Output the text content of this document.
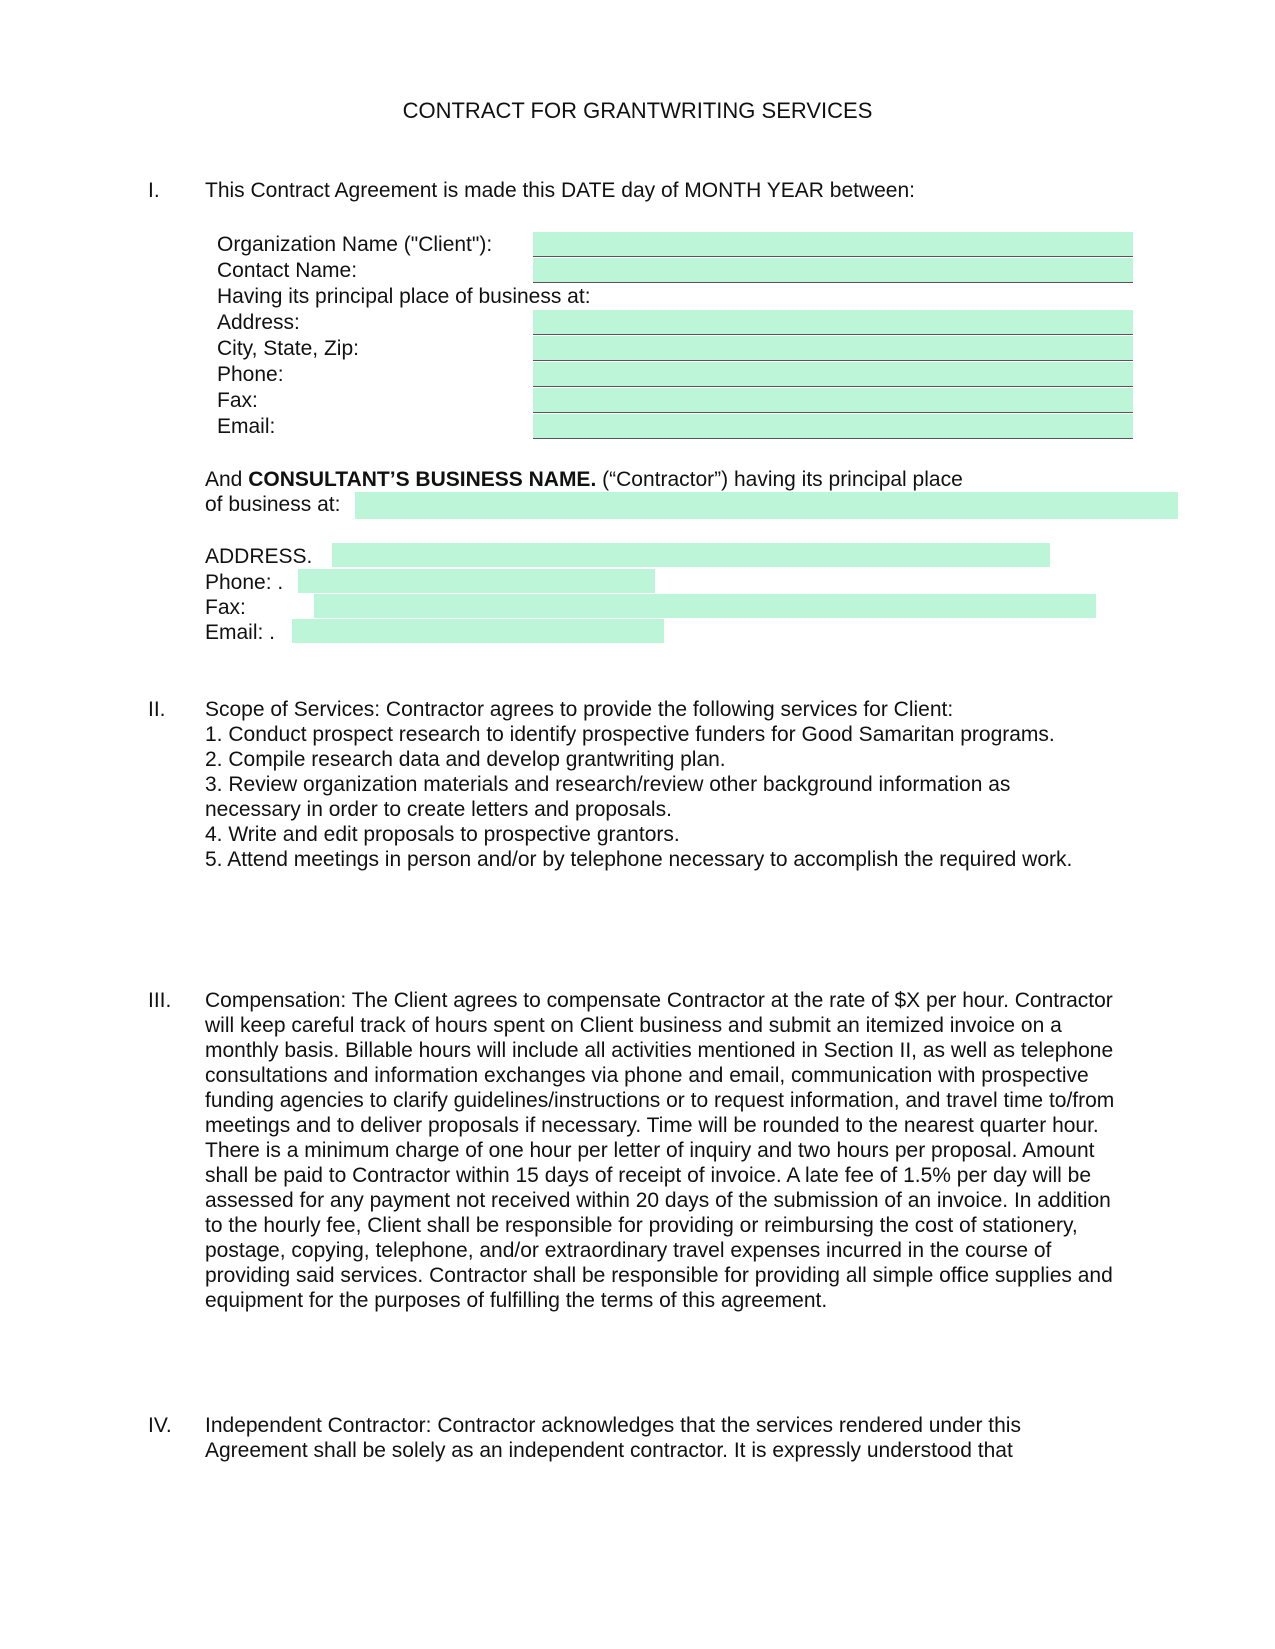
CONTRACT FOR GRANTWRITING SERVICES
I. This Contract Agreement is made this DATE day of MONTH YEAR between:
Organization Name ("Client"):
Contact Name:
Having its principal place of business at:
Address:
City, State, Zip:
Phone:
Fax:
Email:
And CONSULTANT’S BUSINESS NAME. (“Contractor”) having its principal place
of business at:
ADDRESS.
Phone: .
Fax:
Email: .
II. Scope of Services: Contractor agrees to provide the following services for Client:
1. Conduct prospect research to identify prospective funders for Good Samaritan programs.
2. Compile research data and develop grantwriting plan.
3. Review organization materials and research/review other background information as necessary in order to create letters and proposals.
4. Write and edit proposals to prospective grantors.
5. Attend meetings in person and/or by telephone necessary to accomplish the required work.
III. Compensation: The Client agrees to compensate Contractor at the rate of $X per hour. Contractor will keep careful track of hours spent on Client business and submit an itemized invoice on a monthly basis. Billable hours will include all activities mentioned in Section II, as well as telephone consultations and information exchanges via phone and email, communication with prospective funding agencies to clarify guidelines/instructions or to request information, and travel time to/from meetings and to deliver proposals if necessary. Time will be rounded to the nearest quarter hour. There is a minimum charge of one hour per letter of inquiry and two hours per proposal. Amount shall be paid to Contractor within 15 days of receipt of invoice. A late fee of 1.5% per day will be assessed for any payment not received within 20 days of the submission of an invoice. In addition to the hourly fee, Client shall be responsible for providing or reimbursing the cost of stationery, postage, copying, telephone, and/or extraordinary travel expenses incurred in the course of providing said services. Contractor shall be responsible for providing all simple office supplies and equipment for the purposes of fulfilling the terms of this agreement.

IV. Independent Contractor: Contractor acknowledges that the services rendered under this Agreement shall be solely as an independent contractor. It is expressly understood that
